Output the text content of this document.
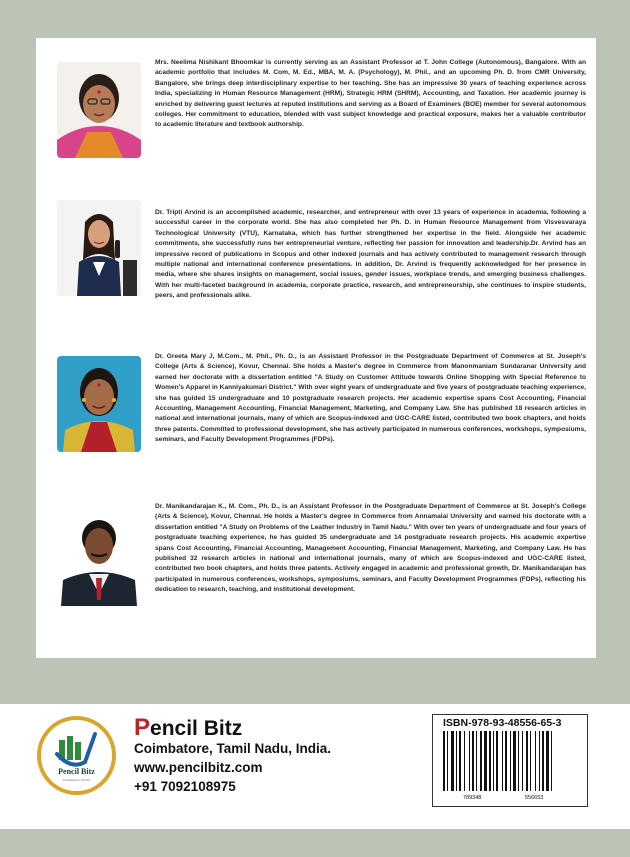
Mrs. Neelima Nishikant Bhoomkar is currently serving as an Assistant Professor at T. John College (Autonomous), Bangalore. With an academic portfolio that includes M. Com, M. Ed., MBA, M. A. (Psychology), M. Phil., and an upcoming Ph. D. from CMR University, Bangalore, she brings deep interdisciplinary expertise to her teaching. She has an impressive 30 years of teaching experience across India, specializing in Human Resource Management (HRM), Strategic HRM (SHRM), Accounting, and Taxation. Her academic journey is enriched by delivering guest lectures at reputed institutions and serving as a Board of Examiners (BOE) member for several autonomous colleges. Her commitment to education, blended with vast subject knowledge and practical exposure, makes her a valuable contributor to academic literature and textbook authorship.

Dr. Tripti Arvind is an accomplished academic, researcher, and entrepreneur with over 13 years of experience in academia, following a successful career in the corporate world. She has also completed her Ph. D. in Human Resource Management from Visvesvaraya Technological University (VTU), Karnataka, which has further strengthened her expertise in the field. Alongside her academic commitments, she successfully runs her entrepreneurial venture, reflecting her passion for innovation and leadership.Dr. Arvind has an impressive record of publications in Scopus and other indexed journals and has actively contributed to management research through multiple national and international conference presentations. In addition, Dr. Arvind is frequently acknowledged for her presence in media, where she shares insights on management, social issues, gender issues, workplace trends, and emerging business challenges. With her multi-faceted background in academia, corporate practice, research, and entrepreneurship, she continues to inspire students, peers, and professionals alike.

Dr. Greeta Mary J, M.Com., M. Phil., Ph. D., is an Assistant Professor in the Postgraduate Department of Commerce at St. Joseph's College (Arts & Science), Kovur, Chennai. She holds a Master's degree in Commerce from Manonmaniam Sundaranar University and earned her doctorate with a dissertation entitled "A Study on Customer Attitude towards Online Shopping with Special Reference to Women's Apparel in Kanniyakumari District." With over eight years of undergraduate and five years of postgraduate teaching experience, she has guided 15 undergraduate and 10 postgraduate research projects. Her academic expertise spans Cost Accounting, Financial Accounting, Management Accounting, Financial Management, Marketing, and Company Law. She has published 18 research articles in national and international journals, many of which are Scopus-indexed and UGC-CARE listed, contributed two book chapters, and holds three patents. Committed to professional development, she has actively participated in numerous conferences, workshops, symposiums, seminars, and Faculty Development Programmes (FDPs).

Dr. Manikandarajan K., M. Com., Ph. D., is an Assistant Professor in the Postgraduate Department of Commerce at St. Joseph's College (Arts & Science), Kovur, Chennai. He holds a Master's degree in Commerce from Annamalai University and earned his doctorate with a dissertation entitled "A Study on Problems of the Leather Industry in Tamil Nadu." With over ten years of undergraduate and four years of postgraduate teaching experience, he has guided 35 undergraduate and 14 postgraduate research projects. His academic expertise spans Cost Accounting, Financial Accounting, Management Accounting, Financial Management, Marketing, and Company Law. He has published 32 research articles in national and international journals, many of which are Scopus-indexed and UGC-CARE listed, contributed two book chapters, and holds three patents. Actively engaged in academic and professional growth, Dr. Manikandarajan has participated in numerous conferences, workshops, symposiums, seminars, and Faculty Development Programmes (FDPs), reflecting his dedication to research, teaching, and institutional development.

Pencil Bitz
Lead Pen to World
Pencil Bitz
Coimbatore, Tamil Nadu, India.
www.pencilbitz.com
+91 7092108975
ISBN-978-93-48556-65-3
789348	556653
